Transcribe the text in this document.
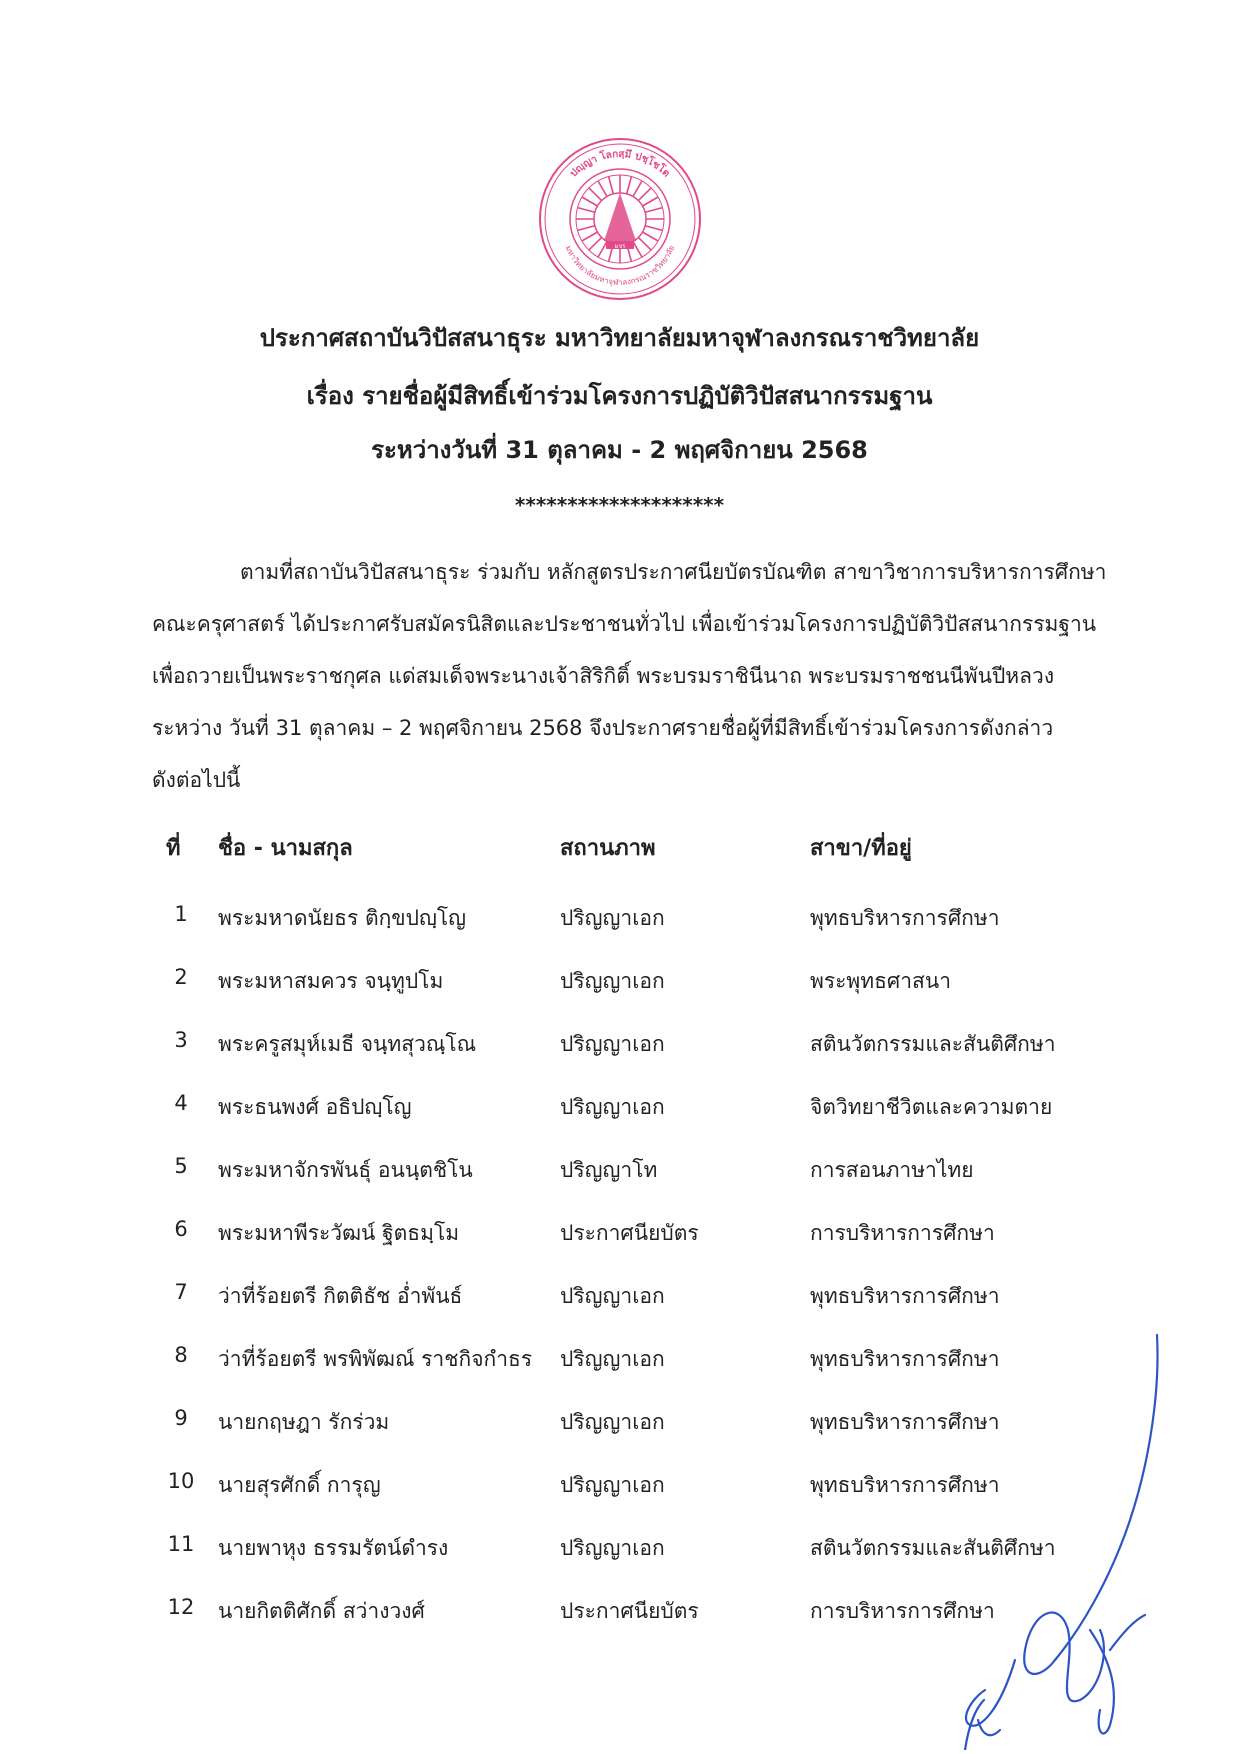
ปญฺญา โลกสฺมึ ปชฺโชโต
มหาวิทยาลัยมหาจุฬาลงกรณราชวิทยาลัย
มจร
ประกาศสถาบันวิปัสสนาธุระ มหาวิทยาลัยมหาจุฬาลงกรณราชวิทยาลัย
เรื่อง รายชื่อผู้มีสิทธิ์เข้าร่วมโครงการปฏิบัติวิปัสสนากรรมฐาน
ระหว่างวันที่ 31 ตุลาคม - 2 พฤศจิกายน 2568
********************
ตามที่สถาบันวิปัสสนาธุระ ร่วมกับ หลักสูตรประกาศนียบัตรบัณฑิต สาขาวิชาการบริหารการศึกษา
คณะครุศาสตร์ ได้ประกาศรับสมัครนิสิตและประชาชนทั่วไป เพื่อเข้าร่วมโครงการปฏิบัติวิปัสสนากรรมฐาน
เพื่อถวายเป็นพระราชกุศล แด่สมเด็จพระนางเจ้าสิริกิติ์ พระบรมราชินีนาถ พระบรมราชชนนีพันปีหลวง
ระหว่าง วันที่ 31 ตุลาคม – 2 พฤศจิกายน 2568 จึงประกาศรายชื่อผู้ที่มีสิทธิ์เข้าร่วมโครงการดังกล่าว
ดังต่อไปนี้
ที่ ชื่อ - นามสกุล	สถานภาพ	สาขา/ที่อยู่
1	พระมหาดนัยธร ติกฺขปญฺโญ	ปริญญาเอก	พุทธบริหารการศึกษา
2	พระมหาสมควร จนฺทูปโม	ปริญญาเอก	พระพุทธศาสนา
3	พระครูสมุห์เมธี จนฺทสุวณฺโณ	ปริญญาเอก	สตินวัตกรรมและสันติศึกษา
4	พระธนพงศ์ อธิปญฺโญ	ปริญญาเอก	จิตวิทยาชีวิตและความตาย
5	พระมหาจักรพันธุ์ อนนฺตชิโน	ปริญญาโท	การสอนภาษาไทย
6	พระมหาพีระวัฒน์ ฐิตธมฺโม	ประกาศนียบัตร	การบริหารการศึกษา
7	ว่าที่ร้อยตรี กิตติธัช อ่ำพันธ์	ปริญญาเอก	พุทธบริหารการศึกษา
8	ว่าที่ร้อยตรี พรพิพัฒณ์ ราชกิจกำธร ปริญญาเอก	พุทธบริหารการศึกษา
9	นายกฤษฎา รักร่วม	ปริญญาเอก	พุทธบริหารการศึกษา
10 นายสุรศักดิ์ การุญ	ปริญญาเอก	พุทธบริหารการศึกษา
11 นายพาหุง ธรรมรัตน์ดำรง	ปริญญาเอก	สตินวัตกรรมและสันติศึกษา
12 นายกิตติศักดิ์ สว่างวงศ์	ประกาศนียบัตร	การบริหารการศึกษา
